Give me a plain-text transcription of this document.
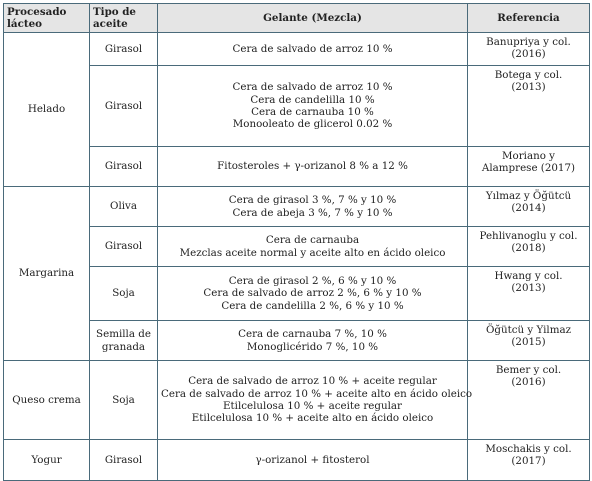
Procesado lácteo	Tipo de aceite	Gelante (Mezcla)	Referencia
Helado	Girasol	Cera de salvado de arroz 10 %	Banupriya y col.
(2016)

	Girasol	Cera de salvado de arroz 10 %
Cera de candelilla 10 %
Cera de carnauba 10 %
Monooleato de glicerol 0.02 %	Botega y col.
(2013)

	Girasol	Fitosteroles + γ-orizanol 8 % a 12 %	Moriano y
Alamprese (2017)

Margarina	Oliva	Cera de girasol 3 %, 7 % y 10 %
Cera de abeja 3 %, 7 % y 10 %	Yılmaz y Öğütcü
(2014)

	Girasol	Cera de carnauba
Mezclas aceite normal y aceite alto en ácido oleico	Pehlivanoglu y col.
(2018)

	Soja	Cera de girasol 2 %, 6 % y 10 %
Cera de salvado de arroz 2 %, 6 % y 10 %
Cera de candelilla 2 %, 6 % y 10 %	Hwang y col.
(2013)

	Semilla de granada	Cera de carnauba 7 %, 10 %
Monoglicérido 7 %, 10 %	Öğütcü y Yilmaz
(2015)

Queso crema	Soja	Cera de salvado de arroz 10 % + aceite regular
Cera de salvado de arroz 10 % + aceite alto en ácido oleico
Etilcelulosa 10 % + aceite regular
Etilcelulosa 10 % + aceite alto en ácido oleico	Bemer y col.
(2016)

Yogur	Girasol	γ-orizanol + fitosterol	Moschakis y col.
(2017)
